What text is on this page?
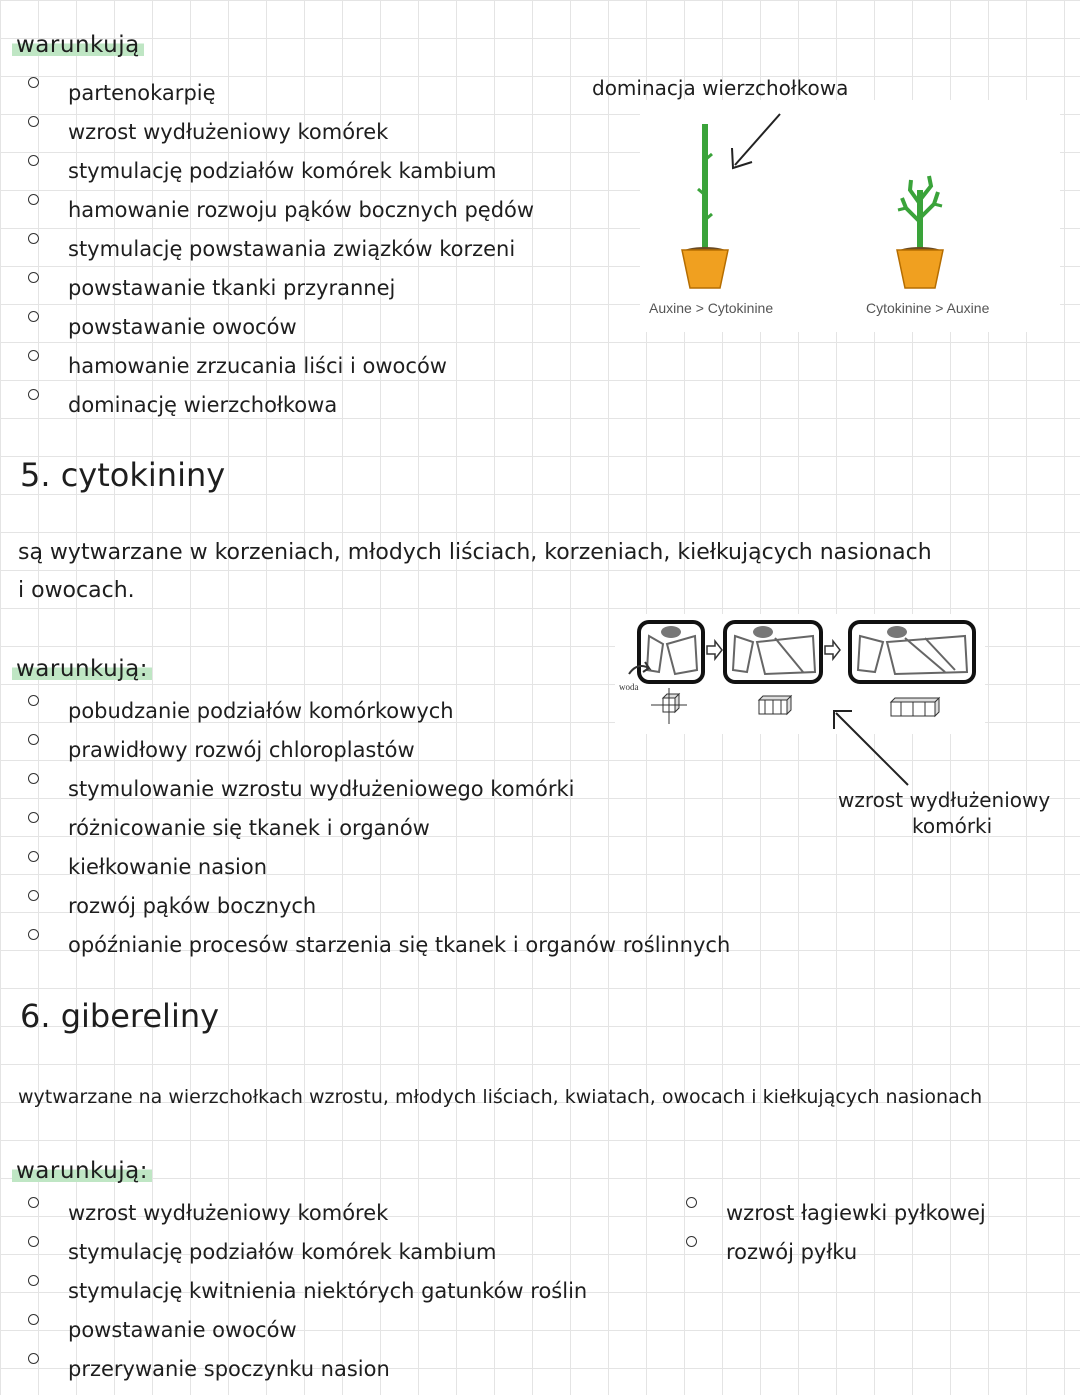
warunkują
partenokarpię
wzrost wydłużeniowy komórek
stymulację podziałów komórek kambium
hamowanie rozwoju pąków bocznych pędów
stymulację powstawania związków korzeni
powstawanie tkanki przyrannej
powstawanie owoców
hamowanie zrzucania liści i owoców
dominację wierzchołkowa
dominacja wierzchołkowa
Auxine > Cytokinine	Cytokinine > Auxine
5. cytokininy
są wytwarzane w korzeniach, młodych liściach, korzeniach, kiełkujących nasionach
i owocach.
warunkują:
pobudzanie podziałów komórkowych
prawidłowy rozwój chloroplastów
stymulowanie wzrostu wydłużeniowego komórki
różnicowanie się tkanek i organów
kiełkowanie nasion
rozwój pąków bocznych
opóźnianie procesów starzenia się tkanek i organów roślinnych
woda
wzrost wydłużeniowy
komórki
6. gibereliny
wytwarzane na wierzchołkach wzrostu, młodych liściach, kwiatach, owocach i kiełkujących nasionach
warunkują:
wzrost wydłużeniowy komórek
stymulację podziałów komórek kambium
stymulację kwitnienia niektórych gatunków roślin
powstawanie owoców
przerywanie spoczynku nasion
wzrost łagiewki pyłkowej
rozwój pyłku
